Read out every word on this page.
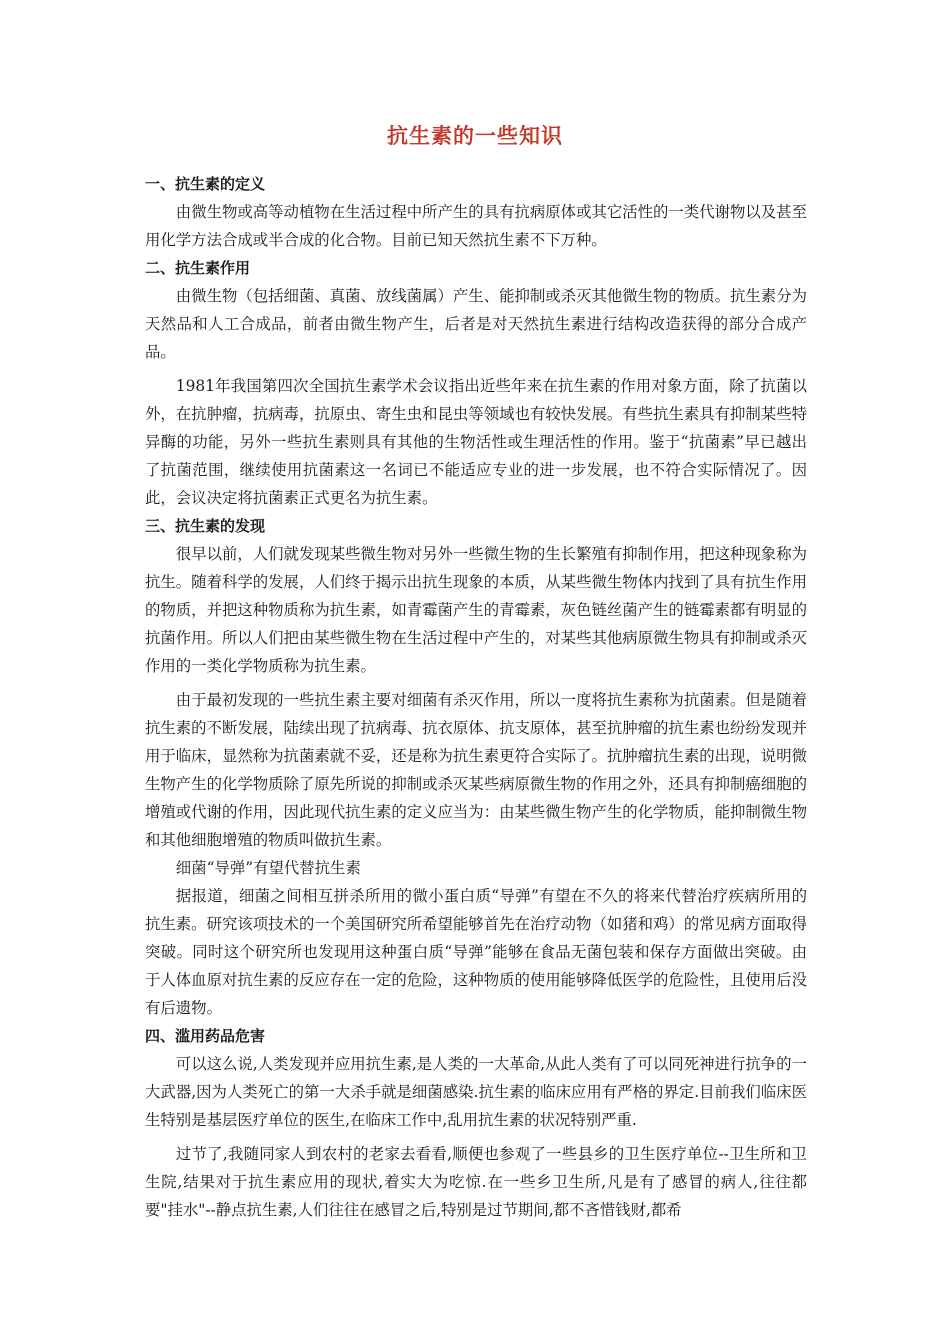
抗生素的一些知识

一、抗生素的定义

由微生物或高等动植物在生活过程中所产生的具有抗病原体或其它活性的一类代谢物以及甚至用化学方法合成或半合成的化合物。目前已知天然抗生素不下万种。

二、抗生素作用

由微生物（包括细菌、真菌、放线菌属）产生、能抑制或杀灭其他微生物的物质。抗生素分为天然品和人工合成品，前者由微生物产生，后者是对天然抗生素进行结构改造获得的部分合成产品。

1981年我国第四次全国抗生素学术会议指出近些年来在抗生素的作用对象方面，除了抗菌以外，在抗肿瘤，抗病毒，抗原虫、寄生虫和昆虫等领域也有较快发展。有些抗生素具有抑制某些特异酶的功能，另外一些抗生素则具有其他的生物活性或生理活性的作用。鉴于“抗菌素”早已越出了抗菌范围，继续使用抗菌素这一名词已不能适应专业的进一步发展，也不符合实际情况了。因此，会议决定将抗菌素正式更名为抗生素。

三、抗生素的发现

很早以前，人们就发现某些微生物对另外一些微生物的生长繁殖有抑制作用，把这种现象称为抗生。随着科学的发展，人们终于揭示出抗生现象的本质，从某些微生物体内找到了具有抗生作用的物质，并把这种物质称为抗生素，如青霉菌产生的青霉素，灰色链丝菌产生的链霉素都有明显的抗菌作用。所以人们把由某些微生物在生活过程中产生的，对某些其他病原微生物具有抑制或杀灭作用的一类化学物质称为抗生素。

由于最初发现的一些抗生素主要对细菌有杀灭作用，所以一度将抗生素称为抗菌素。但是随着抗生素的不断发展，陆续出现了抗病毒、抗衣原体、抗支原体，甚至抗肿瘤的抗生素也纷纷发现并用于临床，显然称为抗菌素就不妥，还是称为抗生素更符合实际了。抗肿瘤抗生素的出现，说明微生物产生的化学物质除了原先所说的抑制或杀灭某些病原微生物的作用之外，还具有抑制癌细胞的增殖或代谢的作用，因此现代抗生素的定义应当为：由某些微生物产生的化学物质，能抑制微生物和其他细胞增殖的物质叫做抗生素。

细菌“导弹”有望代替抗生素

据报道，细菌之间相互拼杀所用的微小蛋白质“导弹”有望在不久的将来代替治疗疾病所用的抗生素。研究该项技术的一个美国研究所希望能够首先在治疗动物（如猪和鸡）的常见病方面取得突破。同时这个研究所也发现用这种蛋白质“导弹”能够在食品无菌包装和保存方面做出突破。由于人体血原对抗生素的反应存在一定的危险，这种物质的使用能够降低医学的危险性，且使用后没有后遗物。

四、滥用药品危害

可以这么说,人类发现并应用抗生素,是人类的一大革命,从此人类有了可以同死神进行抗争的一大武器,因为人类死亡的第一大杀手就是细菌感染.抗生素的临床应用有严格的界定.目前我们临床医生特别是基层医疗单位的医生,在临床工作中,乱用抗生素的状况特别严重.

过节了,我随同家人到农村的老家去看看,顺便也参观了一些县乡的卫生医疗单位--卫生所和卫生院,结果对于抗生素应用的现状,着实大为吃惊.在一些乡卫生所,凡是有了感冒的病人,往往都要"挂水"--静点抗生素,人们往往在感冒之后,特别是过节期间,都不吝惜钱财,都希
